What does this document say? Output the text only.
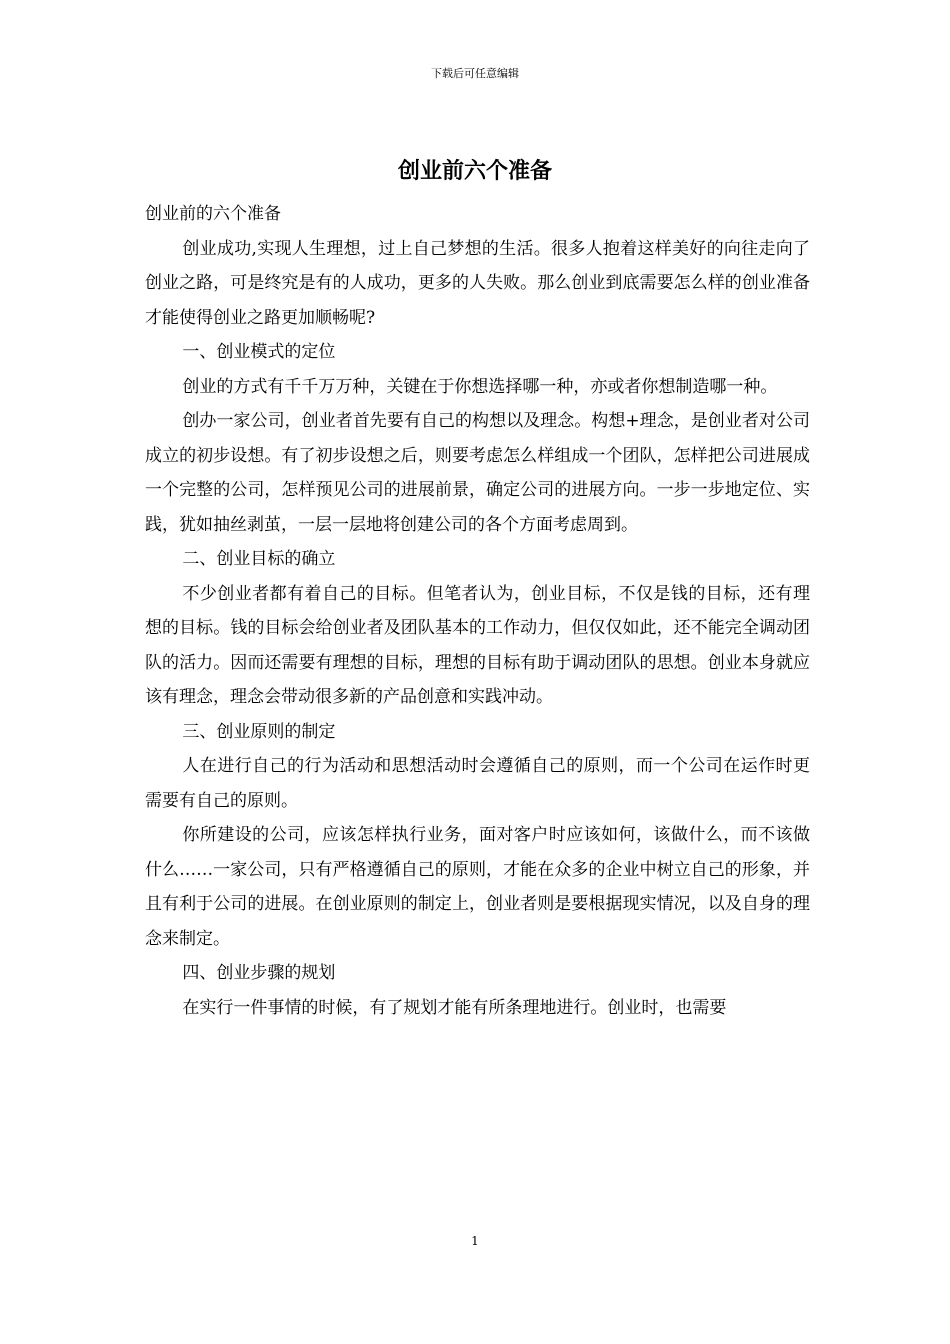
下载后可任意编辑
创业前六个准备

创业前的六个准备

创业成功,实现人生理想，过上自己梦想的生活。很多人抱着这样美好的向往走向了创业之路，可是终究是有的人成功，更多的人失败。那么创业到底需要怎么样的创业准备才能使得创业之路更加顺畅呢?

一、创业模式的定位

创业的方式有千千万万种，关键在于你想选择哪一种，亦或者你想制造哪一种。

创办一家公司，创业者首先要有自己的构想以及理念。构想+理念，是创业者对公司成立的初步设想。有了初步设想之后，则要考虑怎么样组成一个团队，怎样把公司进展成一个完整的公司，怎样预见公司的进展前景，确定公司的进展方向。一步一步地定位、实践，犹如抽丝剥茧，一层一层地将创建公司的各个方面考虑周到。

二、创业目标的确立

不少创业者都有着自己的目标。但笔者认为，创业目标，不仅是钱的目标，还有理想的目标。钱的目标会给创业者及团队基本的工作动力，但仅仅如此，还不能完全调动团队的活力。因而还需要有理想的目标，理想的目标有助于调动团队的思想。创业本身就应该有理念，理念会带动很多新的产品创意和实践冲动。

三、创业原则的制定

人在进行自己的行为活动和思想活动时会遵循自己的原则，而一个公司在运作时更需要有自己的原则。

你所建设的公司，应该怎样执行业务，面对客户时应该如何，该做什么，而不该做什么……一家公司，只有严格遵循自己的原则，才能在众多的企业中树立自己的形象，并且有利于公司的进展。在创业原则的制定上，创业者则是要根据现实情况，以及自身的理念来制定。

四、创业步骤的规划

在实行一件事情的时候，有了规划才能有所条理地进行。创业时，也需要

1
